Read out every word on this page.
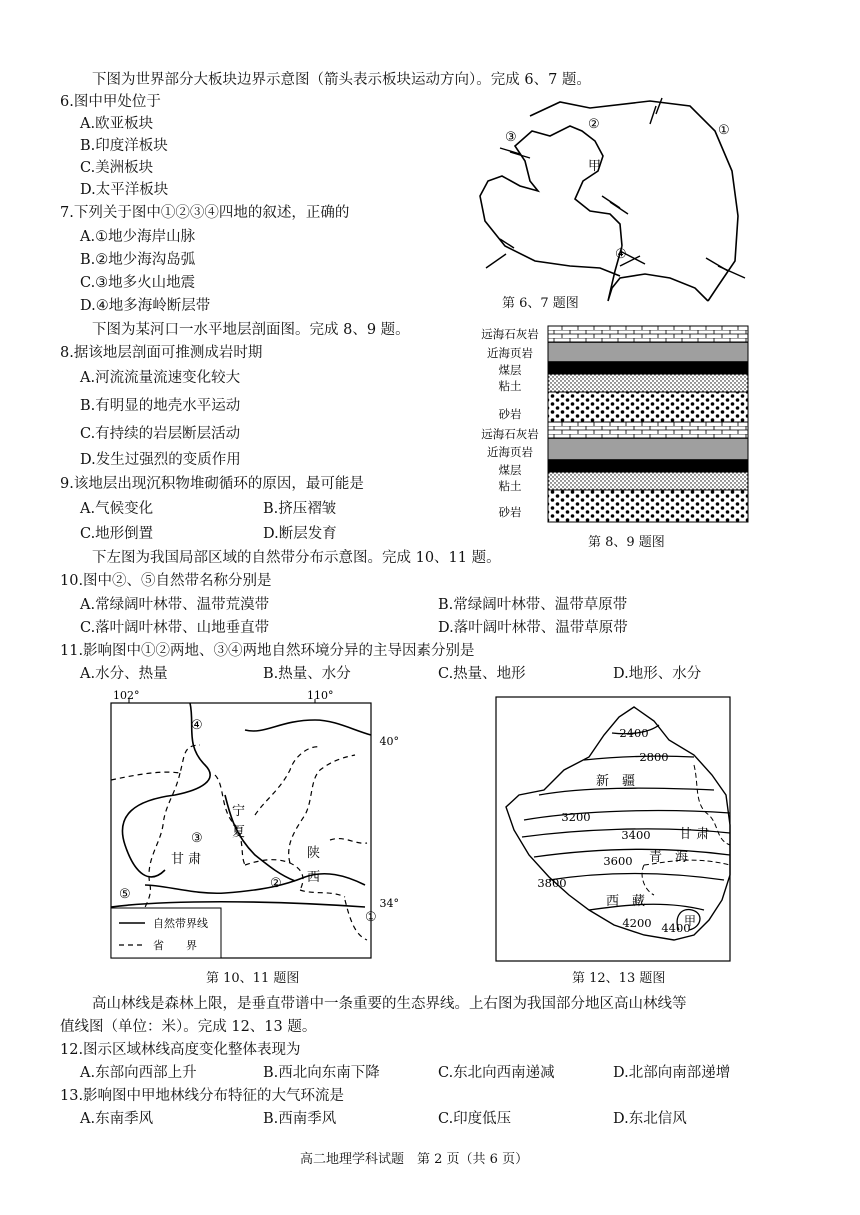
下图为世界部分大板块边界示意图（箭头表示板块运动方向）。完成 6、7 题。
6.图中甲处位于
A.欧亚板块
B.印度洋板块
C.美洲板块
D.太平洋板块
7.下列关于图中①②③④四地的叙述，正确的
A.①地少海岸山脉
B.②地少海沟岛弧
C.③地多火山地震
D.④地多海岭断层带
甲
①
②
③
④
第 6、7 题图
下图为某河口一水平地层剖面图。完成 8、9 题。
8.据该地层剖面可推测成岩时期
A.河流流量流速变化较大
B.有明显的地壳水平运动
C.有持续的岩层断层活动
D.发生过强烈的变质作用
9.该地层出现沉积物堆砌循环的原因，最可能是
A.气候变化	B.挤压褶皱
C.地形倒置	D.断层发育
远海石灰岩
近海页岩
煤层
粘土
砂岩
远海石灰岩
近海页岩
煤层
粘土
砂岩
第 8、9 题图
下左图为我国局部区域的自然带分布示意图。完成 10、11 题。
10.图中②、⑤自然带名称分别是
A.常绿阔叶林带、温带荒漠带	B.常绿阔叶林带、温带草原带
C.落叶阔叶林带、山地垂直带	D.落叶阔叶林带、温带草原带
11.影响图中①②两地、③④两地自然环境分异的主导因素分别是
A.水分、热量	B.热量、水分	C.热量、地形	D.地形、水分
102°	110°
40°
34°
自然带界线
省　　界
④
③
②
⑤
①
宁
夏
甘 肃	陕
西
第 10、11 题图
2400
2800
3200
3400
3600
3800
4200 4400
新　疆
甘 肃
青　海
西　藏
甲
第 12、13 题图
高山林线是森林上限，是垂直带谱中一条重要的生态界线。上右图为我国部分地区高山林线等
值线图（单位：米）。完成 12、13 题。
12.图示区域林线高度变化整体表现为
A.东部向西部上升	B.西北向东南下降	C.东北向西南递减	D.北部向南部递增
13.影响图中甲地林线分布特征的大气环流是
A.东南季风	B.西南季风	C.印度低压	D.东北信风
高二地理学科试题　第 2 页（共 6 页）
